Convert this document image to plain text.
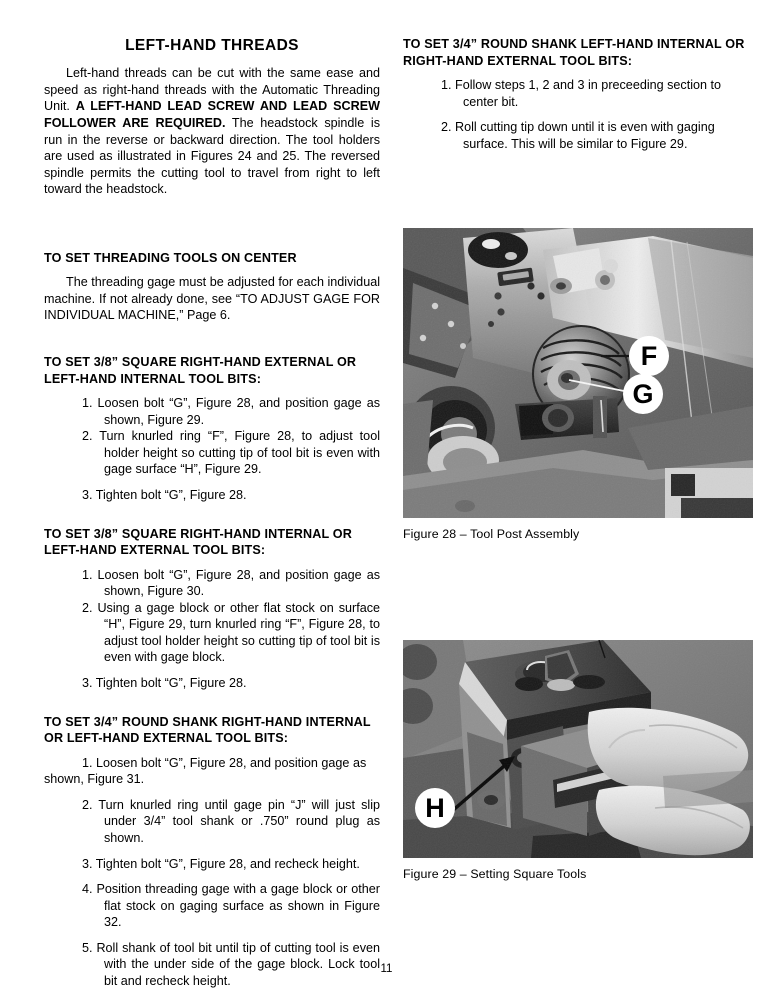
LEFT-HAND THREADS

Left-hand threads can be cut with the same ease and speed as right-hand threads with the Automatic Threading Unit. A LEFT-HAND LEAD SCREW AND LEAD SCREW FOLLOWER ARE REQUIRED. The headstock spindle is run in the reverse or backward direction. The tool holders are used as illustrated in Figures 24 and 25. The reversed spindle permits the cutting tool to travel from right to left toward the headstock.

TO SET THREADING TOOLS ON CENTER

The threading gage must be adjusted for each individual machine. If not already done, see “TO ADJUST GAGE FOR INDIVIDUAL MACHINE,” Page 6.

TO SET 3/8” SQUARE RIGHT-HAND EXTERNAL OR LEFT-HAND INTERNAL TOOL BITS:
1. Loosen bolt “G”, Figure 28, and position gage as shown, Figure 29.
2. Turn knurled ring “F”, Figure 28, to adjust tool holder height so cutting tip of tool bit is even with gage surface “H”, Figure 29.
3. Tighten bolt “G”, Figure 28.
TO SET 3/8” SQUARE RIGHT-HAND INTERNAL OR LEFT-HAND EXTERNAL TOOL BITS:
1. Loosen bolt “G”, Figure 28, and position gage as shown, Figure 30.
2. Using a gage block or other flat stock on surface “H”, Figure 29, turn knurled ring “F”, Figure 28, to adjust tool holder height so cutting tip of tool bit is even with gage block.
3. Tighten bolt “G”, Figure 28.
TO SET 3/4” ROUND SHANK RIGHT-HAND INTERNAL OR LEFT-HAND EXTERNAL TOOL BITS:
1. Loosen bolt “G”, Figure 28, and position gage as shown, Figure 31.
2. Turn knurled ring until gage pin “J” will just slip under 3/4” tool shank or .750” round plug as shown.
3. Tighten bolt “G”, Figure 28, and recheck height.
4. Position threading gage with a gage block or other flat stock on gaging surface as shown in Figure 32.
5. Roll shank of tool bit until tip of cutting tool is even with the under side of the gage block. Lock tool bit and recheck height.
TO SET 3/4” ROUND SHANK LEFT-HAND INTERNAL OR RIGHT-HAND EXTERNAL TOOL BITS:
1. Follow steps 1, 2 and 3 in preceeding section to center bit.
2. Roll cutting tip down until it is even with gaging surface. This will be similar to Figure 29.
F
G
Figure 28 – Tool Post Assembly
H
Figure 29 – Setting Square Tools
11
